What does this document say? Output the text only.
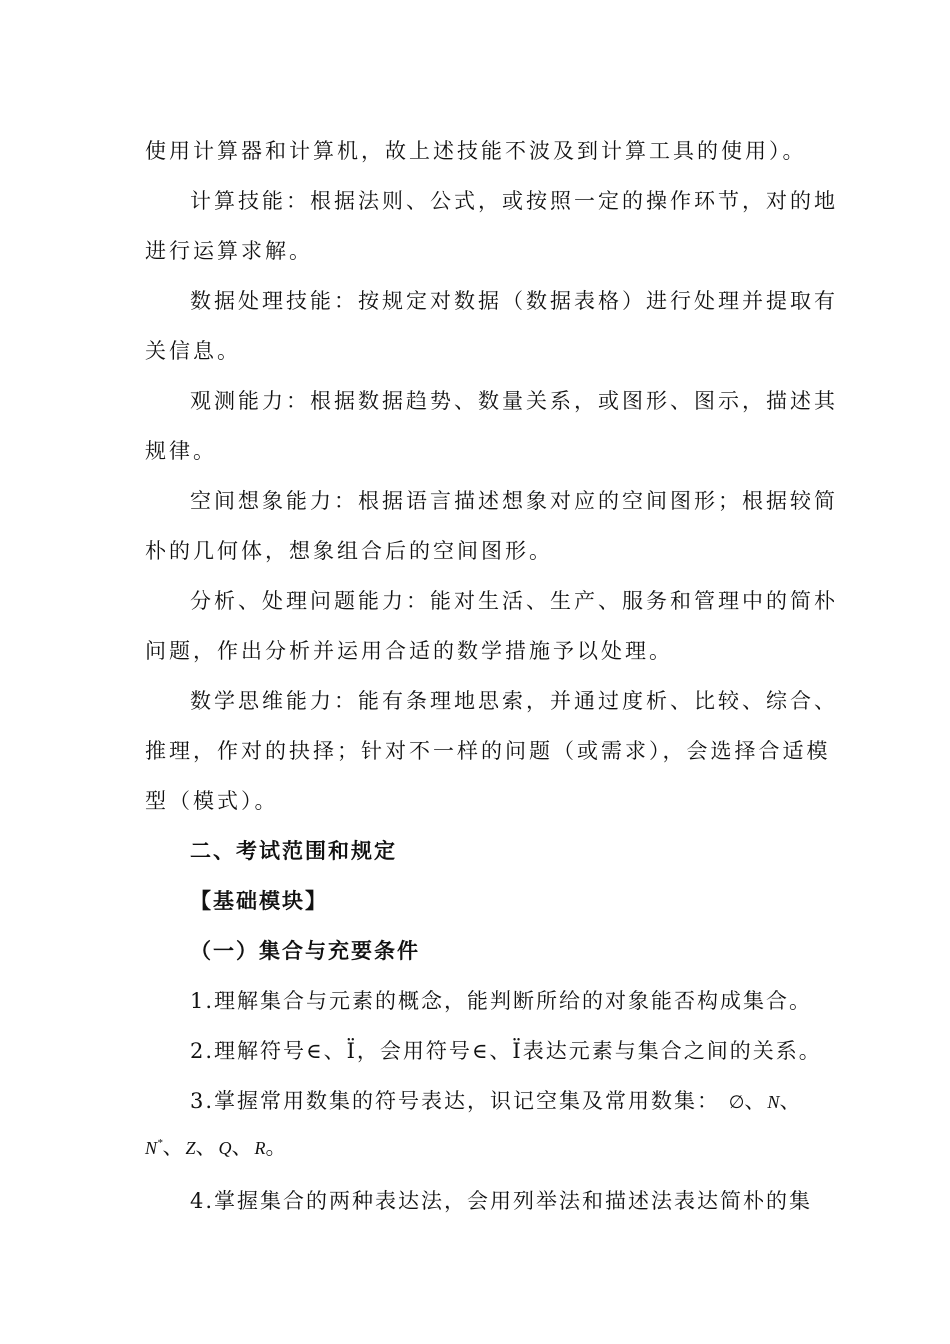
使用计算器和计算机，故上述技能不波及到计算工具的使用）。
计算技能：根据法则、公式，或按照一定的操作环节，对的地
进行运算求解。
数据处理技能：按规定对数据（数据表格）进行处理并提取有
关信息。
观测能力：根据数据趋势、数量关系，或图形、图示，描述其
规律。
空间想象能力：根据语言描述想象对应的空间图形；根据较简
朴的几何体，想象组合后的空间图形。
分析、处理问题能力：能对生活、生产、服务和管理中的简朴
问题，作出分析并运用合适的数学措施予以处理。
数学思维能力：能有条理地思索，并通过度析、比较、综合、
推理，作对的抉择；针对不一样的问题（或需求），会选择合适模
型（模式）。
二、考试范围和规定
【基础模块】
（一）集合与充要条件
1.理解集合与元素的概念，能判断所给的对象能否构成集合。
2.理解符号∈、Ï，会用符号∈、Ï表达元素与集合之间的关系。
3.掌握常用数集的符号表达，识记空集及常用数集： ∅、N、
N*、Z、Q、R。
4.掌握集合的两种表达法，会用列举法和描述法表达简朴的集
